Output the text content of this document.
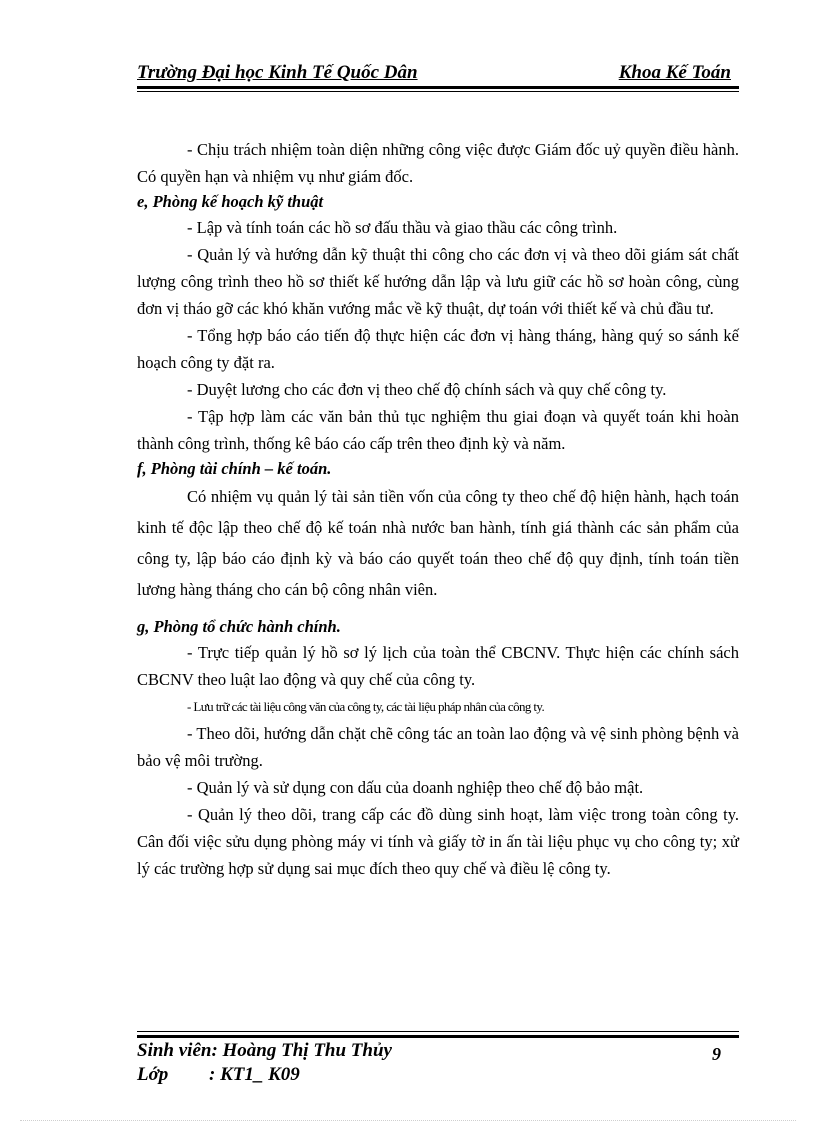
Trường Đại học Kinh Tế Quốc Dân	Khoa Kế Toán

- Chịu trách nhiệm toàn diện những công việc được Giám đốc uỷ quyền điều hành. Có quyền hạn và nhiệm vụ như giám đốc.

e, Phòng kế hoạch kỹ thuật

- Lập và tính toán các hồ sơ đấu thầu và giao thầu các công trình.

- Quản lý và hướng dẫn kỹ thuật thi công cho các đơn vị và theo dõi giám sát chất lượng công trình theo hồ sơ thiết kế hướng dẫn lập và lưu giữ các hồ sơ hoàn công, cùng đơn vị tháo gỡ các khó khăn vướng mắc về kỹ thuật, dự toán với thiết kế và chủ đầu tư.

- Tổng hợp báo cáo tiến độ thực hiện các đơn vị hàng tháng, hàng quý so sánh kế hoạch công ty đặt ra.

- Duyệt lương cho các đơn vị theo chế độ chính sách và quy chế công ty.

- Tập hợp làm các văn bản thủ tục nghiệm thu giai đoạn và quyết toán khi hoàn thành công trình, thống kê báo cáo cấp trên theo định kỳ và năm.

f, Phòng tài chính – kế toán.

Có nhiệm vụ quản lý tài sản tiền vốn của công ty theo chế độ hiện hành, hạch toán kinh tế độc lập theo chế độ kế toán nhà nước ban hành, tính giá thành các sản phẩm của công ty, lập báo cáo định kỳ và báo cáo quyết toán theo chế độ quy định, tính toán tiền lương hàng tháng cho cán bộ công nhân viên.

g, Phòng tổ chức hành chính.

- Trực tiếp quản lý hồ sơ lý lịch của toàn thể CBCNV. Thực hiện các chính sách CBCNV theo luật lao động và quy chế của công ty.

- Lưu trữ các tài liệu công văn của công ty, các tài liệu pháp nhân của công ty.

- Theo dõi, hướng dẫn chặt chẽ công tác an toàn lao động và vệ sinh phòng bệnh và bảo vệ môi trường.

- Quản lý và sử dụng con dấu của doanh nghiệp theo chế độ bảo mật.

- Quản lý theo dõi, trang cấp các đồ dùng sinh hoạt, làm việc trong toàn công ty. Cân đối việc sửu dụng phòng máy vi tính và giấy tờ in ấn tài liệu phục vụ cho công ty; xử lý các trường hợp sử dụng sai mục đích theo quy chế và điều lệ công ty.

Sinh viên: Hoàng Thị Thu Thủy
Lớp : KT1_ K09
9
